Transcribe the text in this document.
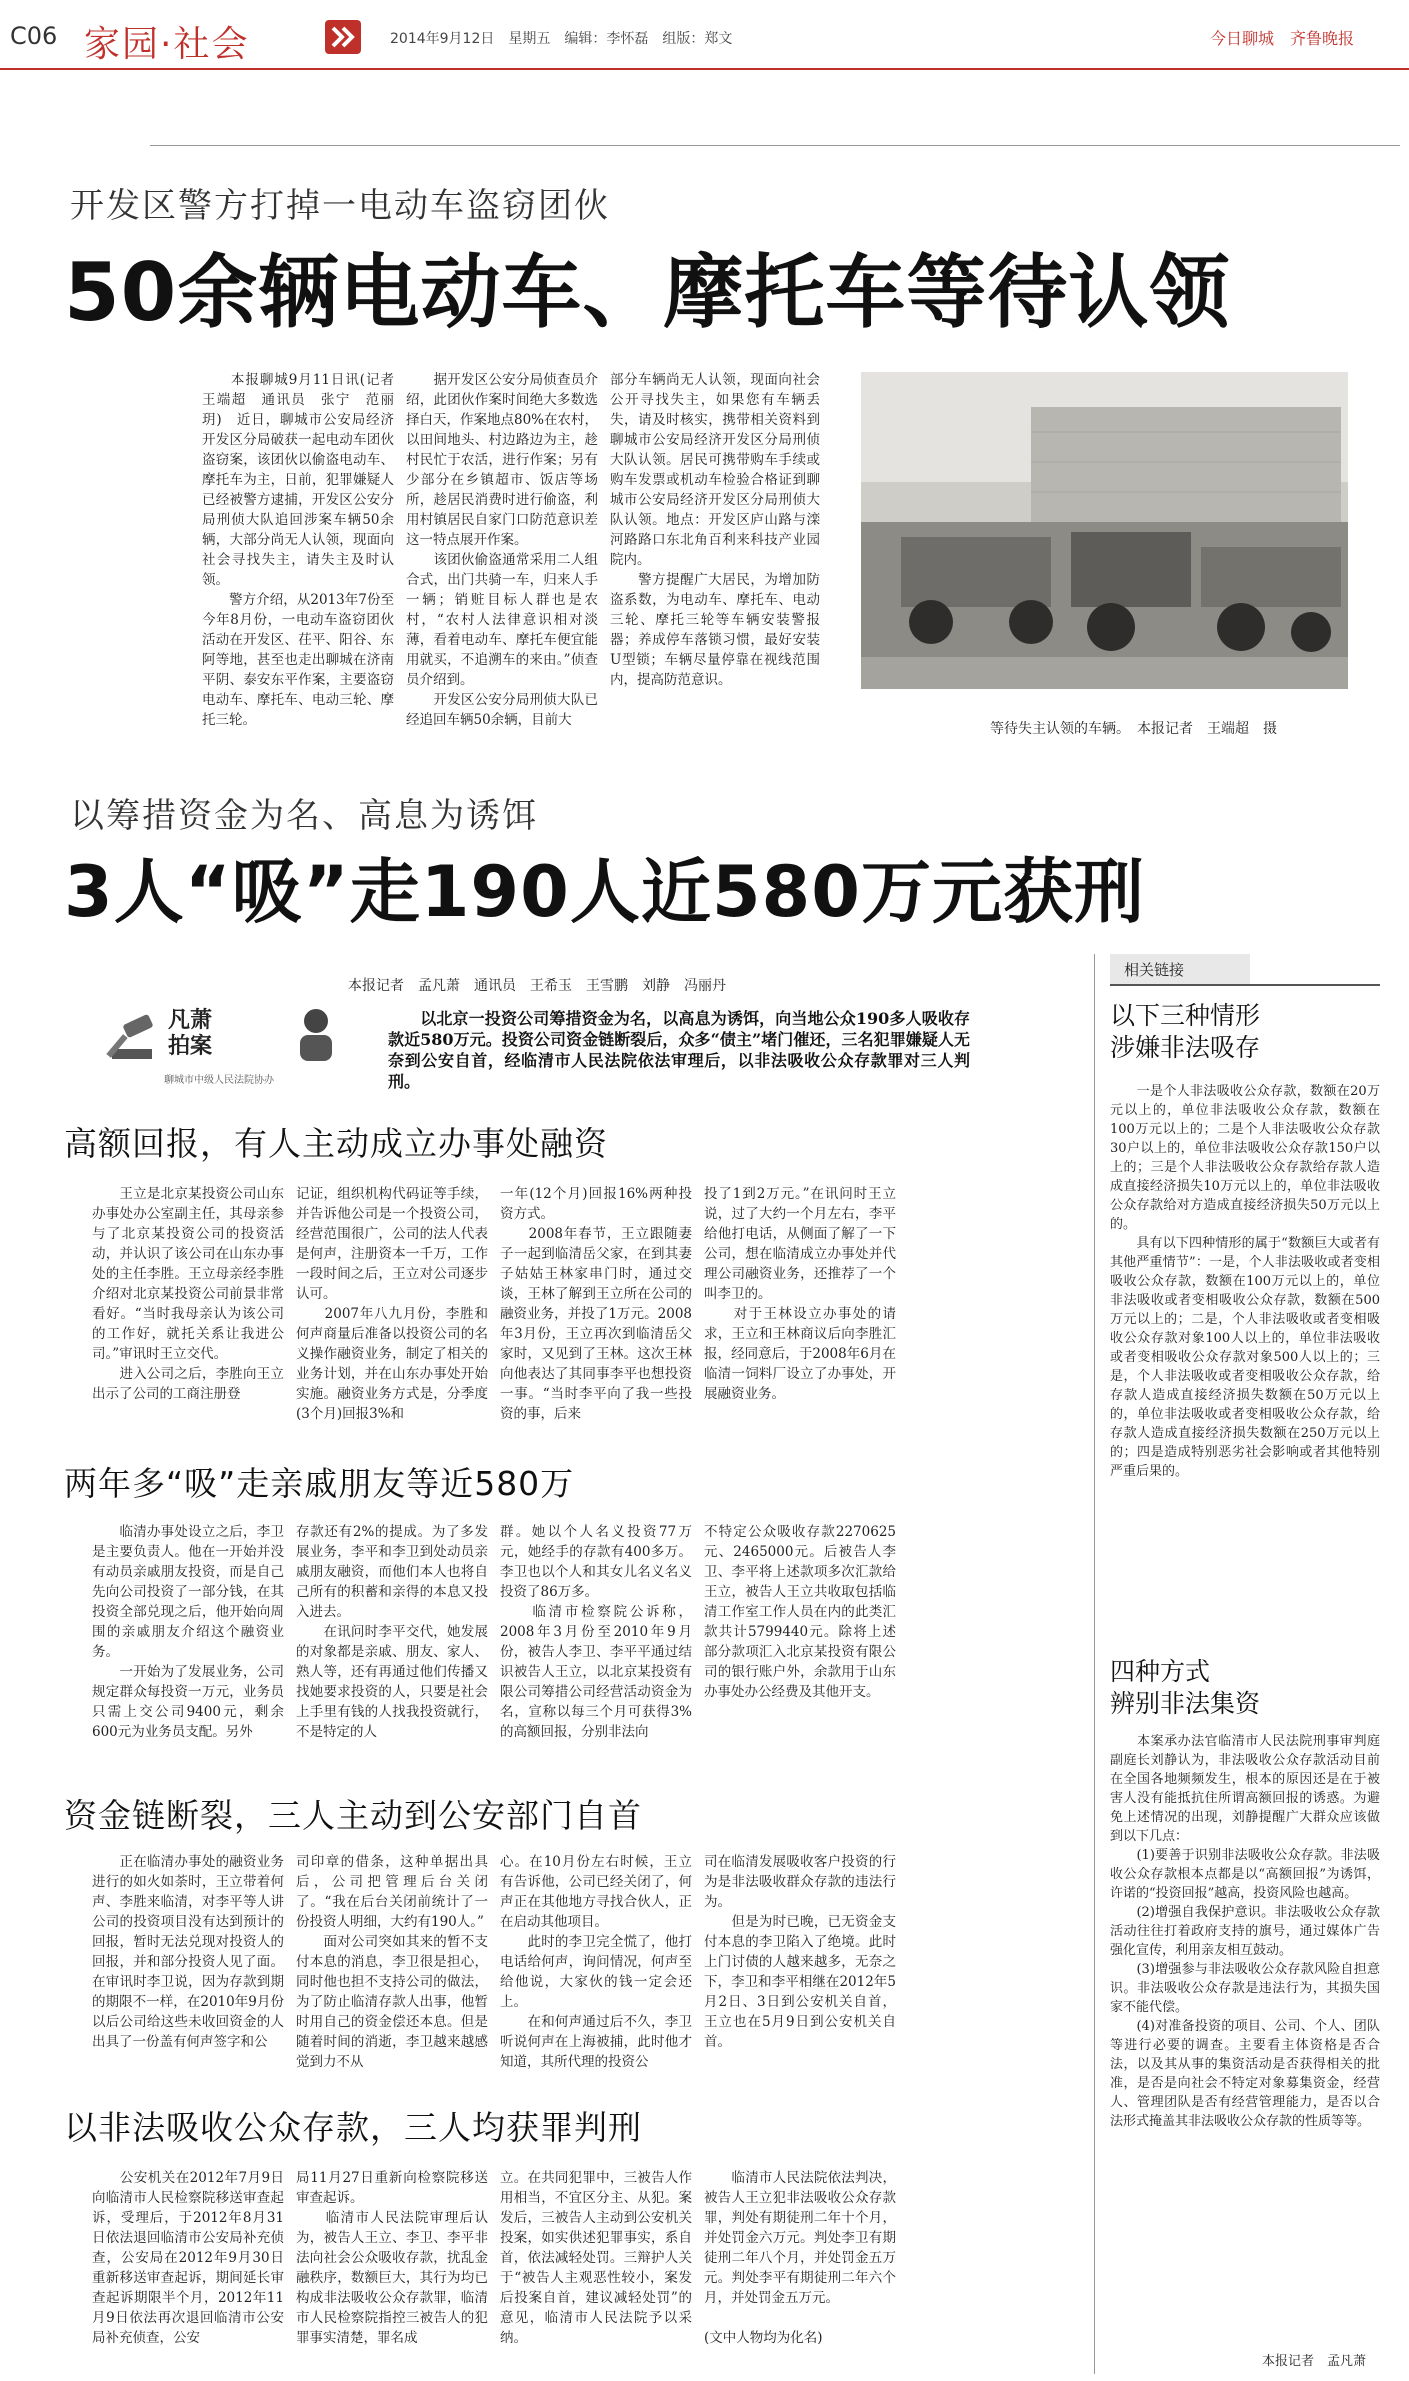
C06 家园·社会	2014年9月12日　星期五　编辑：李怀磊　组版：郑文	今日聊城　齐鲁晚报
开发区警方打掉一电动车盗窃团伙
50余辆电动车、摩托车等待认领
　　本报聊城9月11日讯(记者　王端超　通讯员　张宁　范丽玥)　近日，聊城市公安局经济开发区分局破获一起电动车团伙盗窃案，该团伙以偷盗电动车、摩托车为主，日前，犯罪嫌疑人已经被警方逮捕，开发区公安分局刑侦大队追回涉案车辆50余辆，大部分尚无人认领，现面向社会寻找失主，请失主及时认领。
　　警方介绍，从2013年7份至今年8月份，一电动车盗窃团伙活动在开发区、茌平、阳谷、东阿等地，甚至也走出聊城在济南平阴、泰安东平作案，主要盗窃电动车、摩托车、电动三轮、摩托三轮。
　　据开发区公安分局侦查员介绍，此团伙作案时间绝大多数选择白天，作案地点80%在农村，以田间地头、村边路边为主，趁村民忙于农活，进行作案；另有少部分在乡镇超市、饭店等场所，趁居民消费时进行偷盗，利用村镇居民自家门口防范意识差这一特点展开作案。
　　该团伙偷盗通常采用二人组合式，出门共骑一车，归来人手一辆；销赃目标人群也是农村，“农村人法律意识相对淡薄，看着电动车、摩托车便宜能用就买，不追溯车的来由。”侦查员介绍到。
　　开发区公安分局刑侦大队已经追回车辆50余辆，目前大
部分车辆尚无人认领，现面向社会公开寻找失主，如果您有车辆丢失，请及时核实，携带相关资料到聊城市公安局经济开发区分局刑侦大队认领。居民可携带购车手续或购车发票或机动车检验合格证到聊城市公安局经济开发区分局刑侦大队认领。地点：开发区庐山路与滦河路路口东北角百利来科技产业园院内。
　　警方提醒广大居民，为增加防盗系数，为电动车、摩托车、电动三轮、摩托三轮等车辆安装警报器；养成停车落锁习惯，最好安装U型锁；车辆尽量停靠在视线范围内，提高防范意识。
等待失主认领的车辆。　本报记者　王端超　摄
以筹措资金为名、高息为诱饵
3人“吸”走190人近580万元获刑
本报记者　孟凡萧　通讯员　王希玉　王雪鹏　刘静　冯丽丹
凡萧拍案
聊城市中级人民法院协办
　　以北京一投资公司筹措资金为名，以高息为诱饵，向当地公众190多人吸收存款近580万元。投资公司资金链断裂后，众多“债主”堵门催还，三名犯罪嫌疑人无奈到公安自首，经临清市人民法院依法审理后，以非法吸收公众存款罪对三人判刑。
高额回报，有人主动成立办事处融资
　　王立是北京某投资公司山东办事处办公室副主任，其母亲参与了北京某投资公司的投资活动，并认识了该公司在山东办事处的主任李胜。王立母亲经李胜介绍对北京某投资公司前景非常看好。“当时我母亲认为该公司的工作好，就托关系让我进公司。”审讯时王立交代。
　　进入公司之后，李胜向王立出示了公司的工商注册登
记证，组织机构代码证等手续，并告诉他公司是一个投资公司，经营范围很广，公司的法人代表是何声，注册资本一千万，工作一段时间之后，王立对公司逐步认可。
　　2007年八九月份，李胜和何声商量后准备以投资公司的名义操作融资业务，制定了相关的业务计划，并在山东办事处开始实施。融资业务方式是，分季度(3个月)回报3%和
一年(12个月)回报16%两种投资方式。
　　2008年春节，王立跟随妻子一起到临清岳父家，在到其妻子姑姑王林家串门时，通过交谈，王林了解到王立所在公司的融资业务，并投了1万元。2008年3月份，王立再次到临清岳父家时，又见到了王林。这次王林向他表达了其同事李平也想投资一事。“当时李平向了我一些投资的事，后来
投了1到2万元。”在讯问时王立说，过了大约一个月左右，李平给他打电话，从侧面了解了一下公司，想在临清成立办事处并代理公司融资业务，还推荐了一个叫李卫的。
　　对于王林设立办事处的请求，王立和王林商议后向李胜汇报，经同意后，于2008年6月在临清一饲料厂设立了办事处，开展融资业务。
两年多“吸”走亲戚朋友等近580万
　　临清办事处设立之后，李卫是主要负责人。他在一开始并没有动员亲戚朋友投资，而是自己先向公司投资了一部分钱，在其投资全部兑现之后，他开始向周围的亲戚朋友介绍这个融资业务。
　　一开始为了发展业务，公司规定群众每投资一万元，业务员只需上交公司9400元，剩余600元为业务员支配。另外
存款还有2%的提成。为了多发展业务，李平和李卫到处动员亲戚朋友融资，而他们本人也将自己所有的积蓄和亲得的本息又投入进去。
　　在讯问时李平交代，她发展的对象都是亲戚、朋友、家人、熟人等，还有再通过他们传播又找她要求投资的人，只要是社会上手里有钱的人找我投资就行，不是特定的人
群。她以个人名义投资77万元，她经手的存款有400多万。李卫也以个人和其女儿名义名义投资了86万多。
　　临清市检察院公诉称，2008年3月份至2010年9月份，被告人李卫、李平平通过结识被告人王立，以北京某投资有限公司筹措公司经营活动资金为名，宣称以每三个月可获得3%的高额回报，分别非法向
不特定公众吸收存款2270625元、2465000元。后被告人李卫、李平将上述款项多次汇款给王立，被告人王立共收取包括临清工作室工作人员在内的此类汇款共计5799440元。除将上述部分款项汇入北京某投资有限公司的银行账户外，余款用于山东办事处办公经费及其他开支。
资金链断裂，三人主动到公安部门自首
　　正在临清办事处的融资业务进行的如火如荼时，王立带着何声、李胜来临清，对李平等人讲公司的投资项目没有达到预计的回报，暂时无法兑现对投资人的回报，并和部分投资人见了面。在审讯时李卫说，因为存款到期的期限不一样，在2010年9月份以后公司给这些未收回资金的人出具了一份盖有何声签字和公
司印章的借条，这种单据出具后，公司把管理后台关闭了。“我在后台关闭前统计了一份投资人明细，大约有190人。”
　　面对公司突如其来的暂不支付本息的消息，李卫很是担心，同时他也担不支持公司的做法，为了防止临清存款人出事，他暂时用自己的资金偿还本息。但是随着时间的消逝，李卫越来越感觉到力不从
心。在10月份左右时候，王立有告诉他，公司已经关闭了，何声正在其他地方寻找合伙人，正在启动其他项目。
　　此时的李卫完全慌了，他打电话给何声，询问情况，何声至给他说，大家伙的钱一定会还上。
　　在和何声通过后不久，李卫听说何声在上海被捕，此时他才知道，其所代理的投资公
司在临清发展吸收客户投资的行为是非法吸收群众存款的违法行为。
　　但是为时已晚，已无资金支付本息的李卫陷入了绝境。此时上门讨债的人越来越多，无奈之下，李卫和李平相继在2012年5月2日、3日到公安机关自首，王立也在5月9日到公安机关自首。
以非法吸收公众存款，三人均获罪判刑
　　公安机关在2012年7月9日向临清市人民检察院移送审查起诉，受理后，于2012年8月31日依法退回临清市公安局补充侦查，公安局在2012年9月30日重新移送审查起诉，期间延长审查起诉期限半个月，2012年11月9日依法再次退回临清市公安局补充侦查，公安
局11月27日重新向检察院移送审查起诉。
　　临清市人民法院审理后认为，被告人王立、李卫、李平非法向社会公众吸收存款，扰乱金融秩序，数额巨大，其行为均已构成非法吸收公众存款罪，临清市人民检察院指控三被告人的犯罪事实清楚，罪名成
立。在共同犯罪中，三被告人作用相当，不宜区分主、从犯。案发后，三被告人主动到公安机关投案，如实供述犯罪事实，系自首，依法减轻处罚。三辩护人关于“被告人主观恶性较小，案发后投案自首，建议减轻处罚”的意见，临清市人民法院予以采纳。
　　临清市人民法院依法判决，被告人王立犯非法吸收公众存款罪，判处有期徒刑二年十个月，并处罚金六万元。判处李卫有期徒刑二年八个月，并处罚金五万元。判处李平有期徒刑二年六个月，并处罚金五万元。
　　　　　　　　　　　　　　　　(文中人物均为化名)
相关链接
以下三种情形
涉嫌非法吸存
　　一是个人非法吸收公众存款，数额在20万元以上的，单位非法吸收公众存款，数额在100万元以上的；二是个人非法吸收公众存款30户以上的，单位非法吸收公众存款150户以上的；三是个人非法吸收公众存款给存款人造成直接经济损失10万元以上的，单位非法吸收公众存款给对方造成直接经济损失50万元以上的。
　　具有以下四种情形的属于“数额巨大或者有其他严重情节”：一是，个人非法吸收或者变相吸收公众存款，数额在100万元以上的，单位非法吸收或者变相吸收公众存款，数额在500万元以上的；二是，个人非法吸收或者变相吸收公众存款对象100人以上的，单位非法吸收或者变相吸收公众存款对象500人以上的；三是，个人非法吸收或者变相吸收公众存款，给存款人造成直接经济损失数额在50万元以上的，单位非法吸收或者变相吸收公众存款，给存款人造成直接经济损失数额在250万元以上的；四是造成特别恶劣社会影响或者其他特别严重后果的。
四种方式
辨别非法集资
　　本案承办法官临清市人民法院刑事审判庭副庭长刘静认为，非法吸收公众存款活动目前在全国各地频频发生，根本的原因还是在于被害人没有能抵抗住所谓高额回报的诱惑。为避免上述情况的出现，刘静提醒广大群众应该做到以下几点：
　　(1)要善于识别非法吸收公众存款。非法吸收公众存款根本点都是以“高额回报”为诱饵，许诺的“投资回报”越高，投资风险也越高。
　　(2)增强自我保护意识。非法吸收公众存款活动往往打着政府支持的旗号，通过媒体广告强化宣传，利用亲友相互鼓动。
　　(3)增强参与非法吸收公众存款风险自担意识。非法吸收公众存款是违法行为，其损失国家不能代偿。
　　(4)对准备投资的项目、公司、个人、团队等进行必要的调查。主要看主体资格是否合法，以及其从事的集资活动是否获得相关的批准，是否是向社会不特定对象募集资金，经营人、管理团队是否有经营管理能力，是否以合法形式掩盖其非法吸收公众存款的性质等等。
本报记者　孟凡萧
